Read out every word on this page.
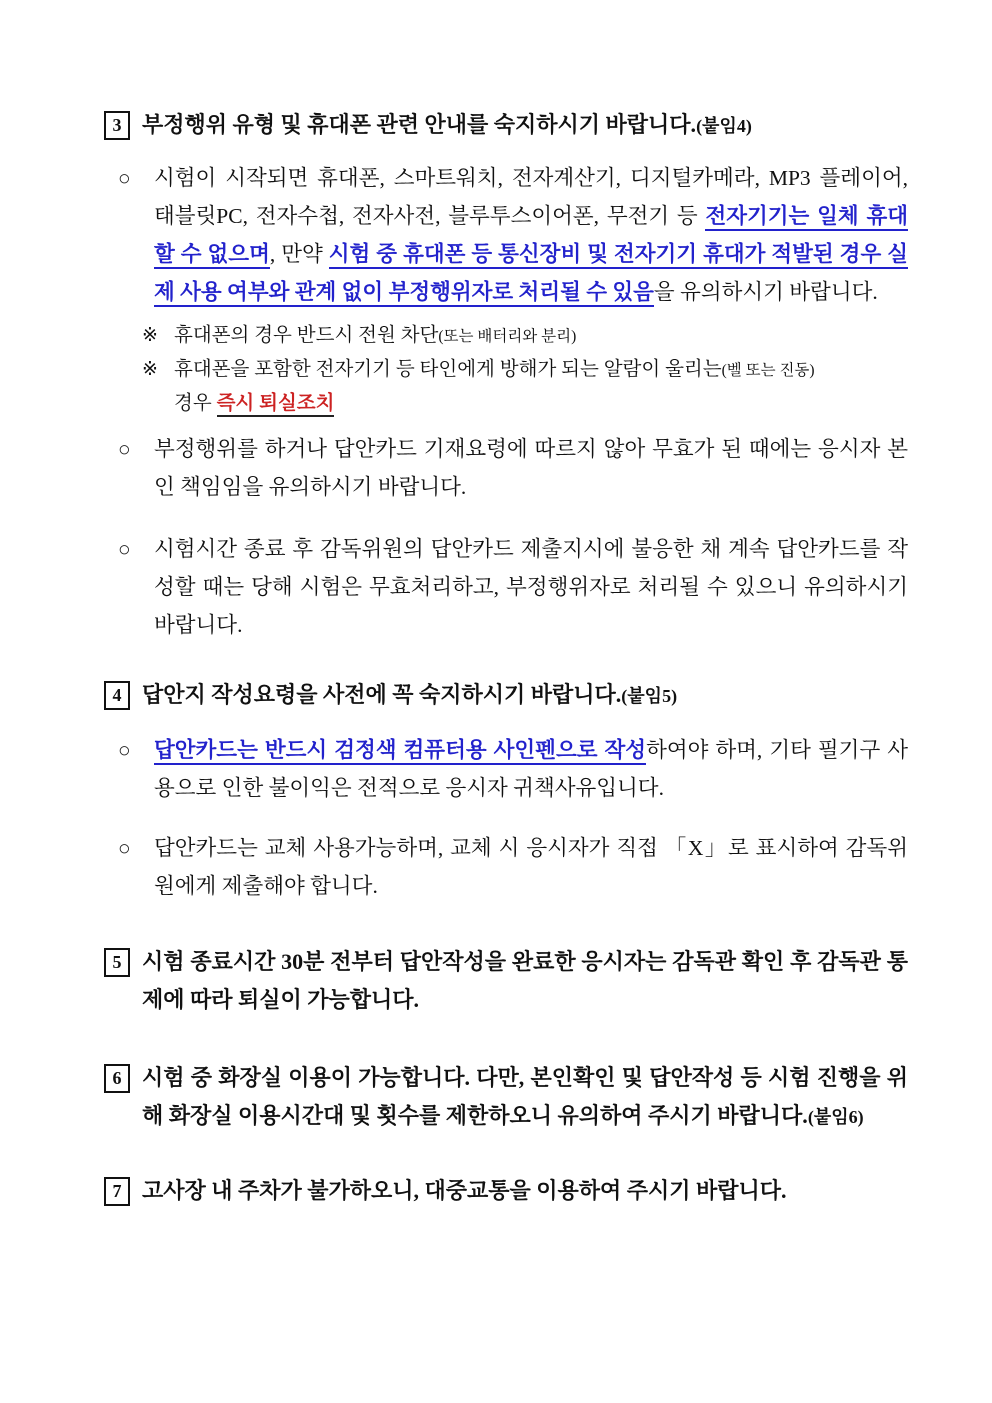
3 부정행위 유형 및 휴대폰 관련 안내를 숙지하시기 바랍니다.(붙임4)

○	시험이 시작되면 휴대폰, 스마트워치, 전자계산기, 디지털카메라, MP3 플레이어, 태블릿PC, 전자수첩, 전자사전, 블루투스이어폰, 무전기 등 전자기기는 일체 휴대할 수 없으며, 만약 시험 중 휴대폰 등 통신장비 및 전자기기 휴대가 적발된 경우 실제 사용 여부와 관계 없이 부정행위자로 처리될 수 있음을 유의하시기 바랍니다.

※ 휴대폰의 경우 반드시 전원 차단(또는 배터리와 분리)

※ 휴대폰을 포함한 전자기기 등 타인에게 방해가 되는 알람이 울리는(벨 또는 진동)
경우 즉시 퇴실조치

○	부정행위를 하거나 답안카드 기재요령에 따르지 않아 무효가 된 때에는 응시자 본인 책임임을 유의하시기 바랍니다.

○	시험시간 종료 후 감독위원의 답안카드 제출지시에 불응한 채 계속 답안카드를 작성할 때는 당해 시험은 무효처리하고, 부정행위자로 처리될 수 있으니 유의하시기 바랍니다.

4 답안지 작성요령을 사전에 꼭 숙지하시기 바랍니다.(붙임5)

○	답안카드는 반드시 검정색 컴퓨터용 사인펜으로 작성하여야 하며, 기타 필기구 사용으로 인한 불이익은 전적으로 응시자 귀책사유입니다.

○	답안카드는 교체 사용가능하며, 교체 시 응시자가 직접 「X」로 표시하여 감독위원에게 제출해야 합니다.

5 시험 종료시간 30분 전부터 답안작성을 완료한 응시자는 감독관 확인 후 감독관 통제에 따라 퇴실이 가능합니다.

6 시험 중 화장실 이용이 가능합니다. 다만, 본인확인 및 답안작성 등 시험 진행을 위해 화장실 이용시간대 및 횟수를 제한하오니 유의하여 주시기 바랍니다.(붙임6)

7 고사장 내 주차가 불가하오니, 대중교통을 이용하여 주시기 바랍니다.
